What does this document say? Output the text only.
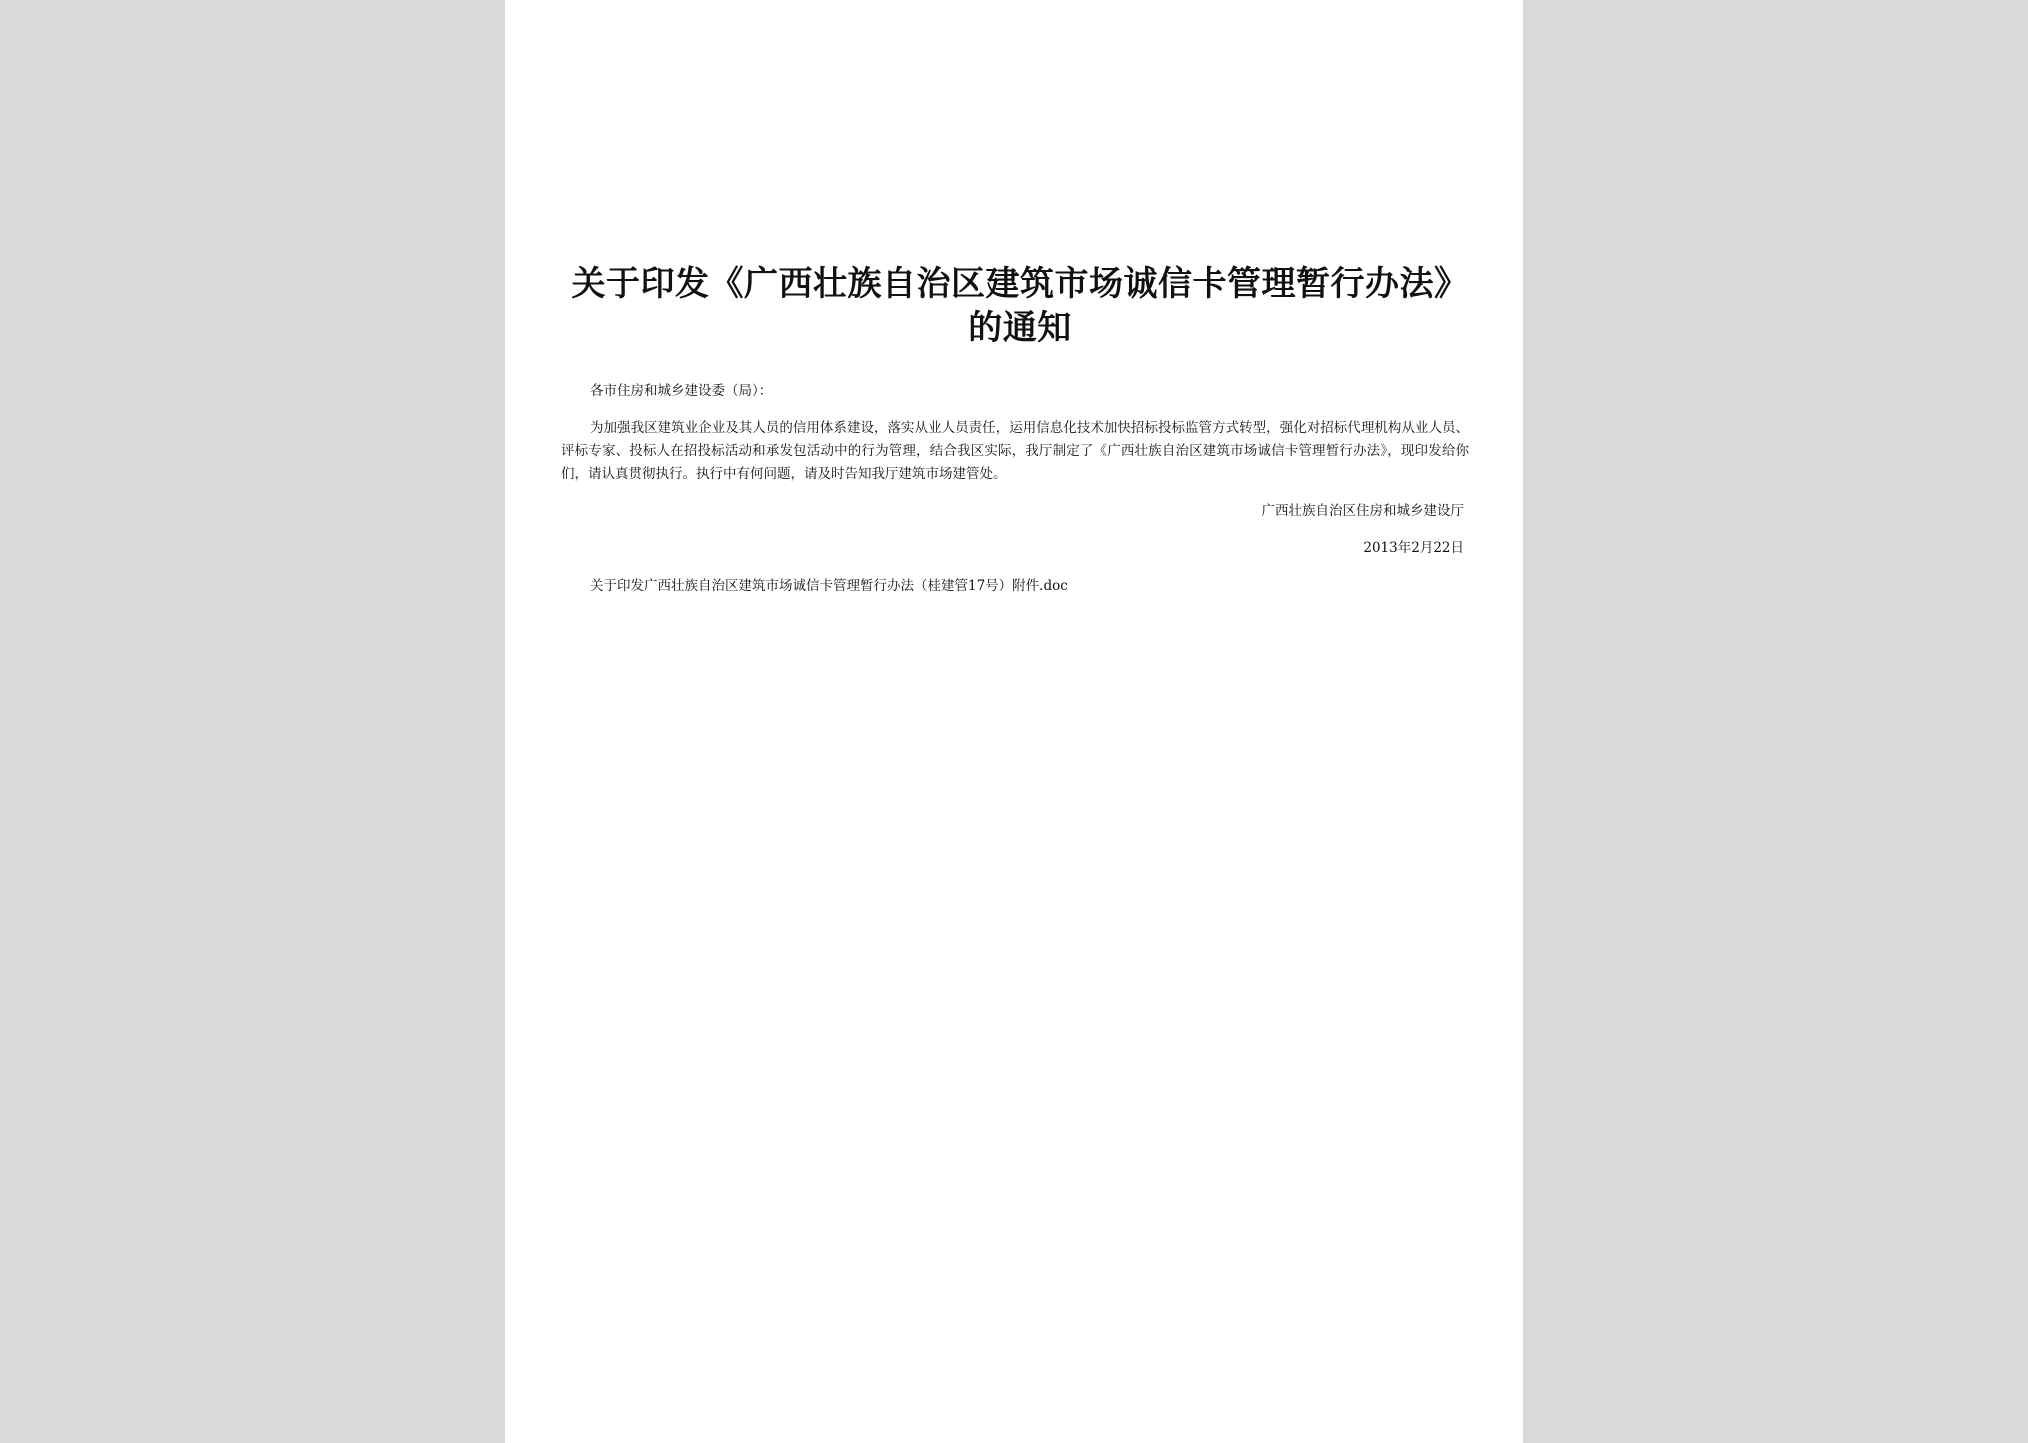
关于印发《广西壮族自治区建筑市场诚信卡管理暂行办法》的通知
各市住房和城乡建设委（局）：

为加强我区建筑业企业及其人员的信用体系建设，落实从业人员责任，运用信息化技术加快招标投标监管方式转型，强化对招标代理机构从业人员、评标专家、投标人在招投标活动和承发包活动中的行为管理，结合我区实际，我厅制定了《广西壮族自治区建筑市场诚信卡管理暂行办法》，现印发给你们，请认真贯彻执行。执行中有何问题，请及时告知我厅建筑市场建管处。

广西壮族自治区住房和城乡建设厅
2013年2月22日
关于印发广西壮族自治区建筑市场诚信卡管理暂行办法（桂建管17号）附件.doc
